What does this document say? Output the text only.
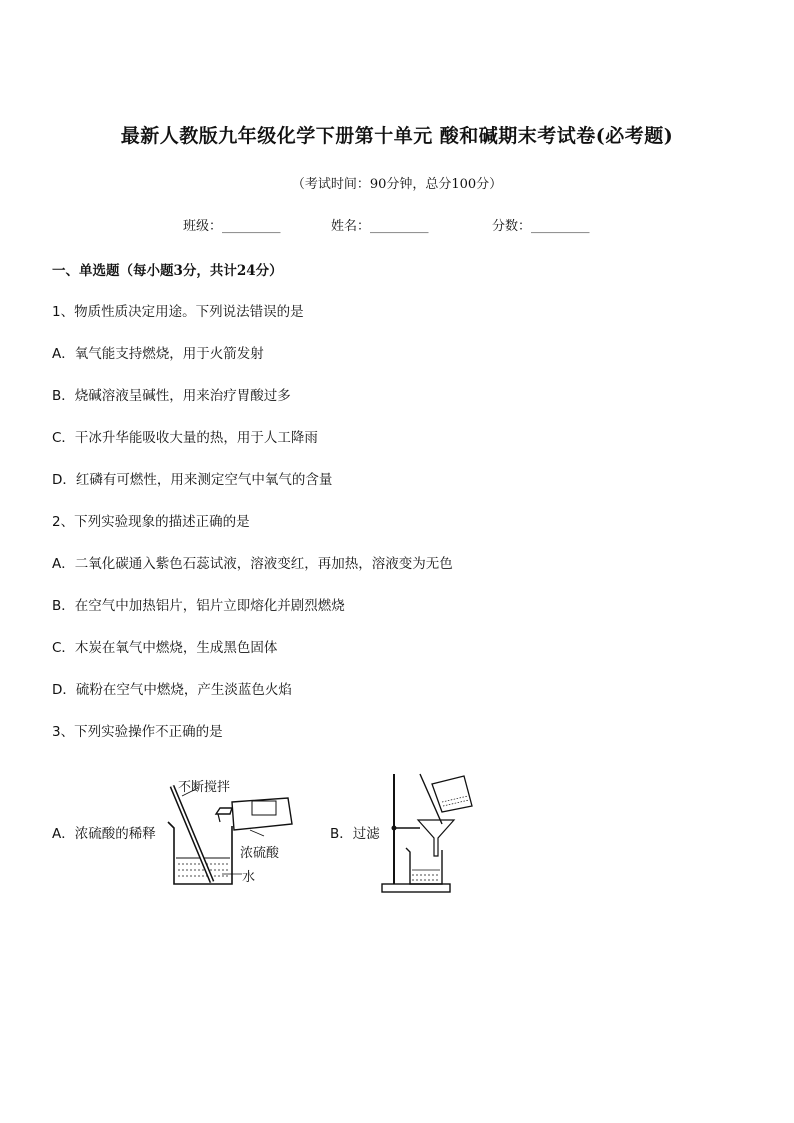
最新人教版九年级化学下册第十单元 酸和碱期末考试卷(必考题)
（考试时间：90分钟，总分100分）
班级：_________	姓名：_________	分数：_________
一、单选题（每小题3分，共计24分）
1、物质性质决定用途。下列说法错误的是
A．氧气能支持燃烧，用于火箭发射
B．烧碱溶液呈碱性，用来治疗胃酸过多
C．干冰升华能吸收大量的热，用于人工降雨
D．红磷有可燃性，用来测定空气中氧气的含量
2、下列实验现象的描述正确的是
A．二氧化碳通入紫色石蕊试液，溶液变红，再加热，溶液变为无色
B．在空气中加热铝片，铝片立即熔化并剧烈燃烧
C．木炭在氧气中燃烧，生成黑色固体
D．硫粉在空气中燃烧，产生淡蓝色火焰
3、下列实验操作不正确的是
A．浓硫酸的稀释
不断搅拌
浓硫酸
水
B．过滤
